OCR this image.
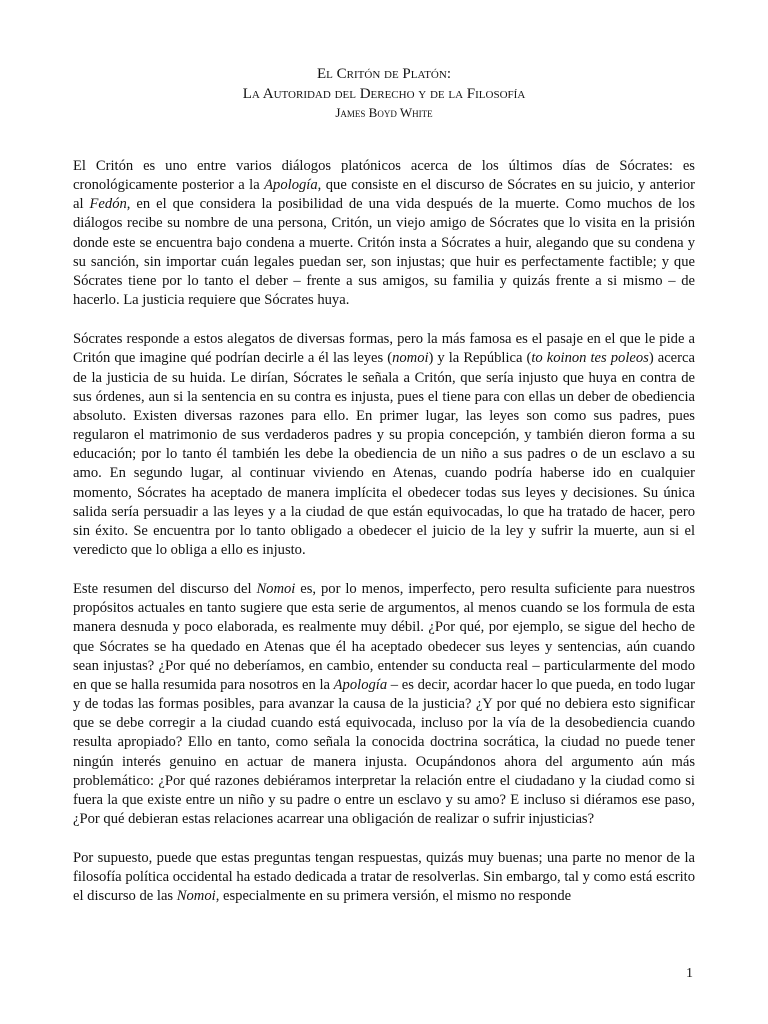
El Critón de Platón:
La Autoridad del Derecho y de la Filosofía
James Boyd White

El Critón es uno entre varios diálogos platónicos acerca de los últimos días de Sócrates: es cronológicamente posterior a la Apología, que consiste en el discurso de Sócrates en su juicio, y anterior al Fedón, en el que considera la posibilidad de una vida después de la muerte. Como muchos de los diálogos recibe su nombre de una persona, Critón, un viejo amigo de Sócrates que lo visita en la prisión donde este se encuentra bajo condena a muerte. Critón insta a Sócrates a huir, alegando que su condena y su sanción, sin importar cuán legales puedan ser, son injustas; que huir es perfectamente factible; y que Sócrates tiene por lo tanto el deber – frente a sus amigos, su familia y quizás frente a si mismo – de hacerlo. La justicia requiere que Sócrates huya.

Sócrates responde a estos alegatos de diversas formas, pero la más famosa es el pasaje en el que le pide a Critón que imagine qué podrían decirle a él las leyes (nomoi) y la República (to koinon tes poleos) acerca de la justicia de su huida. Le dirían, Sócrates le señala a Critón, que sería injusto que huya en contra de sus órdenes, aun si la sentencia en su contra es injusta, pues el tiene para con ellas un deber de obediencia absoluto. Existen diversas razones para ello. En primer lugar, las leyes son como sus padres, pues regularon el matrimonio de sus verdaderos padres y su propia concepción, y también dieron forma a su educación; por lo tanto él también les debe la obediencia de un niño a sus padres o de un esclavo a su amo. En segundo lugar, al continuar viviendo en Atenas, cuando podría haberse ido en cualquier momento, Sócrates ha aceptado de manera implícita el obedecer todas sus leyes y decisiones. Su única salida sería persuadir a las leyes y a la ciudad de que están equivocadas, lo que ha tratado de hacer, pero sin éxito. Se encuentra por lo tanto obligado a obedecer el juicio de la ley y sufrir la muerte, aun si el veredicto que lo obliga a ello es injusto.

Este resumen del discurso del Nomoi es, por lo menos, imperfecto, pero resulta suficiente para nuestros propósitos actuales en tanto sugiere que esta serie de argumentos, al menos cuando se los formula de esta manera desnuda y poco elaborada, es realmente muy débil. ¿Por qué, por ejemplo, se sigue del hecho de que Sócrates se ha quedado en Atenas que él ha aceptado obedecer sus leyes y sentencias, aún cuando sean injustas? ¿Por qué no deberíamos, en cambio, entender su conducta real – particularmente del modo en que se halla resumida para nosotros en la Apología – es decir, acordar hacer lo que pueda, en todo lugar y de todas las formas posibles, para avanzar la causa de la justicia? ¿Y por qué no debiera esto significar que se debe corregir a la ciudad cuando está equivocada, incluso por la vía de la desobediencia cuando resulta apropiado? Ello en tanto, como señala la conocida doctrina socrática, la ciudad no puede tener ningún interés genuino en actuar de manera injusta. Ocupándonos ahora del argumento aún más problemático: ¿Por qué razones debiéramos interpretar la relación entre el ciudadano y la ciudad como si fuera la que existe entre un niño y su padre o entre un esclavo y su amo? E incluso si diéramos ese paso, ¿Por qué debieran estas relaciones acarrear una obligación de realizar o sufrir injusticias?

Por supuesto, puede que estas preguntas tengan respuestas, quizás muy buenas; una parte no menor de la filosofía política occidental ha estado dedicada a tratar de resolverlas. Sin embargo, tal y como está escrito el discurso de las Nomoi, especialmente en su primera versión, el mismo no responde

1
